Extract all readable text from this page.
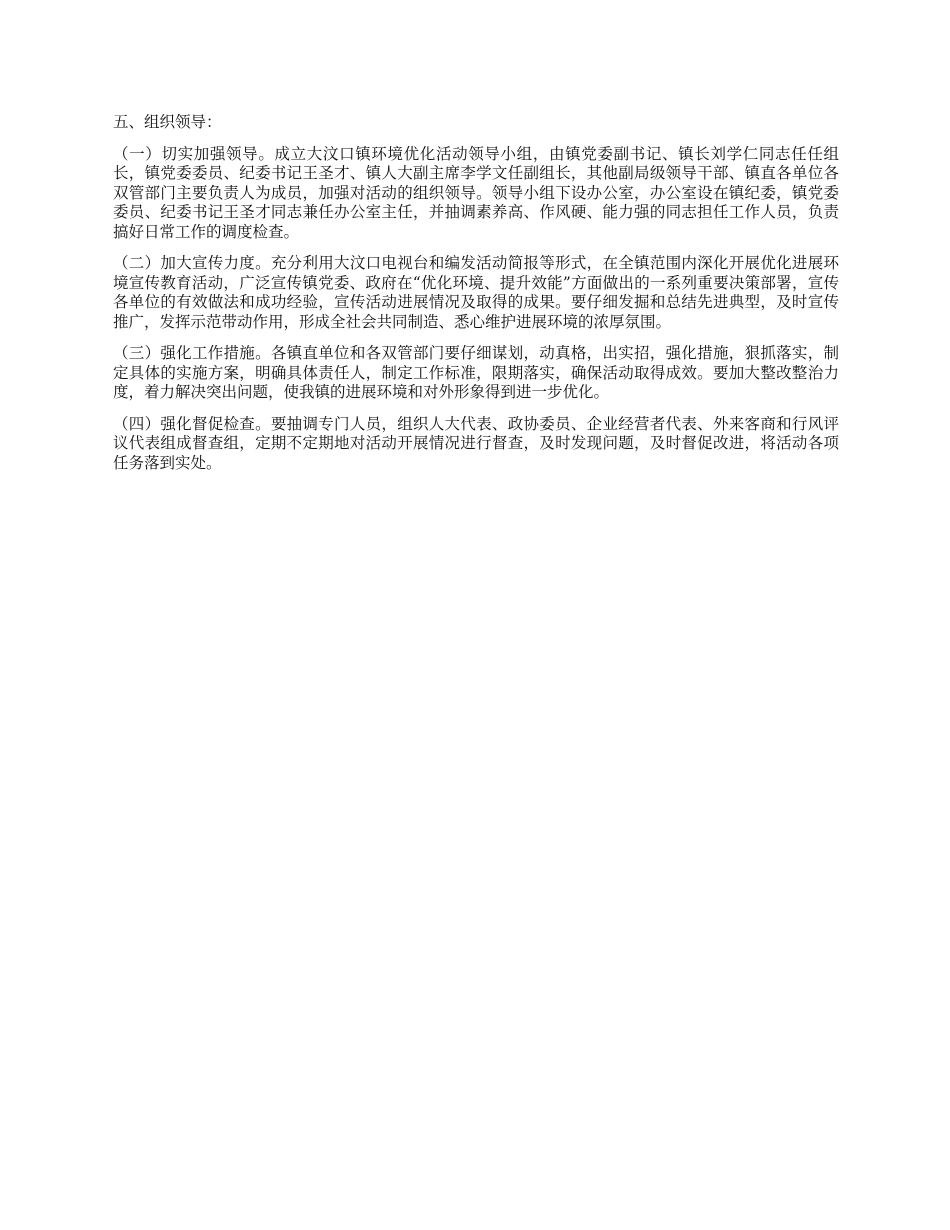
五、组织领导：

（一）切实加强领导。成立大汶口镇环境优化活动领导小组，由镇党委副书记、镇长刘学仁同志任任组长，镇党委委员、纪委书记王圣才、镇人大副主席李学文任副组长，其他副局级领导干部、镇直各单位各双管部门主要负责人为成员，加强对活动的组织领导。领导小组下设办公室，办公室设在镇纪委，镇党委委员、纪委书记王圣才同志兼任办公室主任，并抽调素养高、作风硬、能力强的同志担任工作人员，负责搞好日常工作的调度检查。

（二）加大宣传力度。充分利用大汶口电视台和编发活动简报等形式，在全镇范围内深化开展优化进展环境宣传教育活动，广泛宣传镇党委、政府在“优化环境、提升效能”方面做出的一系列重要决策部署，宣传各单位的有效做法和成功经验，宣传活动进展情况及取得的成果。要仔细发掘和总结先进典型，及时宣传推广，发挥示范带动作用，形成全社会共同制造、悉心维护进展环境的浓厚氛围。

（三）强化工作措施。各镇直单位和各双管部门要仔细谋划，动真格，出实招，强化措施，狠抓落实，制定具体的实施方案，明确具体责任人，制定工作标准，限期落实，确保活动取得成效。要加大整改整治力度，着力解决突出问题，使我镇的进展环境和对外形象得到进一步优化。

（四）强化督促检查。要抽调专门人员，组织人大代表、政协委员、企业经营者代表、外来客商和行风评议代表组成督查组，定期不定期地对活动开展情况进行督查，及时发现问题，及时督促改进，将活动各项任务落到实处。
